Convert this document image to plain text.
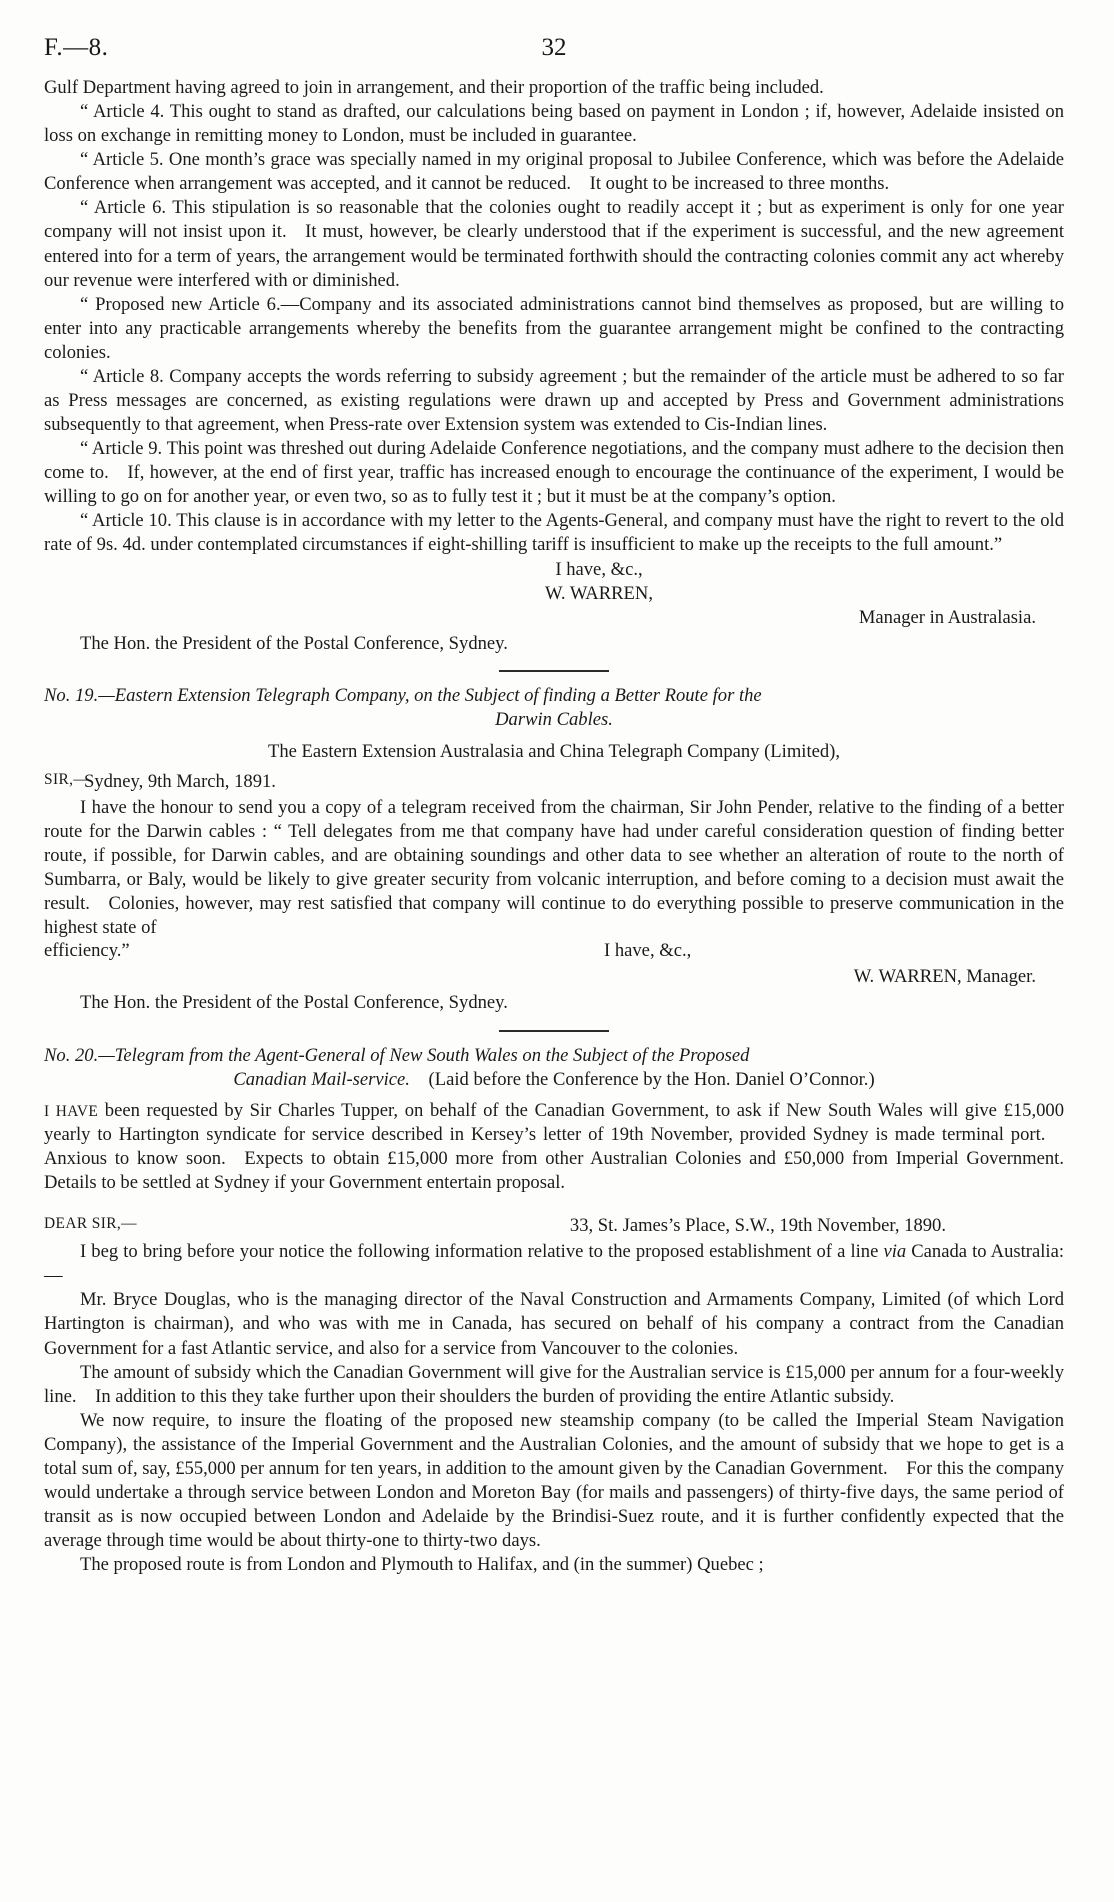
F.—8.	32

Gulf Department having agreed to join in arrangement, and their proportion of the traffic being included.

“ Article 4. This ought to stand as drafted, our calculations being based on payment in London ; if, however, Adelaide insisted on loss on exchange in remitting money to London, must be included in guarantee.

“ Article 5. One month’s grace was specially named in my original proposal to Jubilee Conference, which was before the Adelaide Conference when arrangement was accepted, and it cannot be reduced. It ought to be increased to three months.

“ Article 6. This stipulation is so reasonable that the colonies ought to readily accept it ; but as experiment is only for one year company will not insist upon it. It must, however, be clearly understood that if the experiment is successful, and the new agreement entered into for a term of years, the arrangement would be terminated forthwith should the contracting colonies commit any act whereby our revenue were interfered with or diminished.

“ Proposed new Article 6.—Company and its associated administrations cannot bind themselves as proposed, but are willing to enter into any practicable arrangements whereby the benefits from the guarantee arrangement might be confined to the contracting colonies.

“ Article 8. Company accepts the words referring to subsidy agreement ; but the remainder of the article must be adhered to so far as Press messages are concerned, as existing regulations were drawn up and accepted by Press and Government administrations subsequently to that agreement, when Press-rate over Extension system was extended to Cis-Indian lines.

“ Article 9. This point was threshed out during Adelaide Conference negotiations, and the company must adhere to the decision then come to. If, however, at the end of first year, traffic has increased enough to encourage the continuance of the experiment, I would be willing to go on for another year, or even two, so as to fully test it ; but it must be at the company’s option.

“ Article 10. This clause is in accordance with my letter to the Agents-General, and company must have the right to revert to the old rate of 9s. 4d. under contemplated circumstances if eight-shilling tariff is insufficient to make up the receipts to the full amount.”

I have, &c.,
W. WARREN,
Manager in Australasia.
The Hon. the President of the Postal Conference, Sydney.
No. 19.—Eastern Extension Telegraph Company, on the Subject of finding a Better Route for the
Darwin Cables.
The Eastern Extension Australasia and China Telegraph Company (Limited),
SIR,—
Sydney, 9th March, 1891.

I have the honour to send you a copy of a telegram received from the chairman, Sir John Pender, relative to the finding of a better route for the Darwin cables : “ Tell delegates from me that company have had under careful consideration question of finding better route, if possible, for Darwin cables, and are obtaining soundings and other data to see whether an alteration of route to the north of Sumbarra, or Baly, would be likely to give greater security from volcanic interruption, and before coming to a decision must await the result. Colonies, however, may rest satisfied that company will continue to do everything possible to preserve communication in the highest state of

efficiency.”	I have, &c.,
W. WARREN, Manager.
The Hon. the President of the Postal Conference, Sydney.
No. 20.—Telegram from the Agent-General of New South Wales on the Subject of the Proposed
Canadian Mail-service. (Laid before the Conference by the Hon. Daniel O’Connor.)

I HAVE been requested by Sir Charles Tupper, on behalf of the Canadian Government, to ask if New South Wales will give £15,000 yearly to Hartington syndicate for service described in Kersey’s letter of 19th November, provided Sydney is made terminal port. Anxious to know soon. Expects to obtain £15,000 more from other Australian Colonies and £50,000 from Imperial Government. Details to be settled at Sydney if your Government entertain proposal.

DEAR SIR,—	33, St. James’s Place, S.W., 19th November, 1890.

I beg to bring before your notice the following information relative to the proposed establishment of a line via Canada to Australia:—

Mr. Bryce Douglas, who is the managing director of the Naval Construction and Armaments Company, Limited (of which Lord Hartington is chairman), and who was with me in Canada, has secured on behalf of his company a contract from the Canadian Government for a fast Atlantic service, and also for a service from Vancouver to the colonies.

The amount of subsidy which the Canadian Government will give for the Australian service is £15,000 per annum for a four-weekly line. In addition to this they take further upon their shoulders the burden of providing the entire Atlantic subsidy.

We now require, to insure the floating of the proposed new steamship company (to be called the Imperial Steam Navigation Company), the assistance of the Imperial Government and the Australian Colonies, and the amount of subsidy that we hope to get is a total sum of, say, £55,000 per annum for ten years, in addition to the amount given by the Canadian Government. For this the company would undertake a through service between London and Moreton Bay (for mails and passengers) of thirty-five days, the same period of transit as is now occupied between London and Adelaide by the Brindisi-Suez route, and it is further confidently expected that the average through time would be about thirty-one to thirty-two days.

The proposed route is from London and Plymouth to Halifax, and (in the summer) Quebec ;
